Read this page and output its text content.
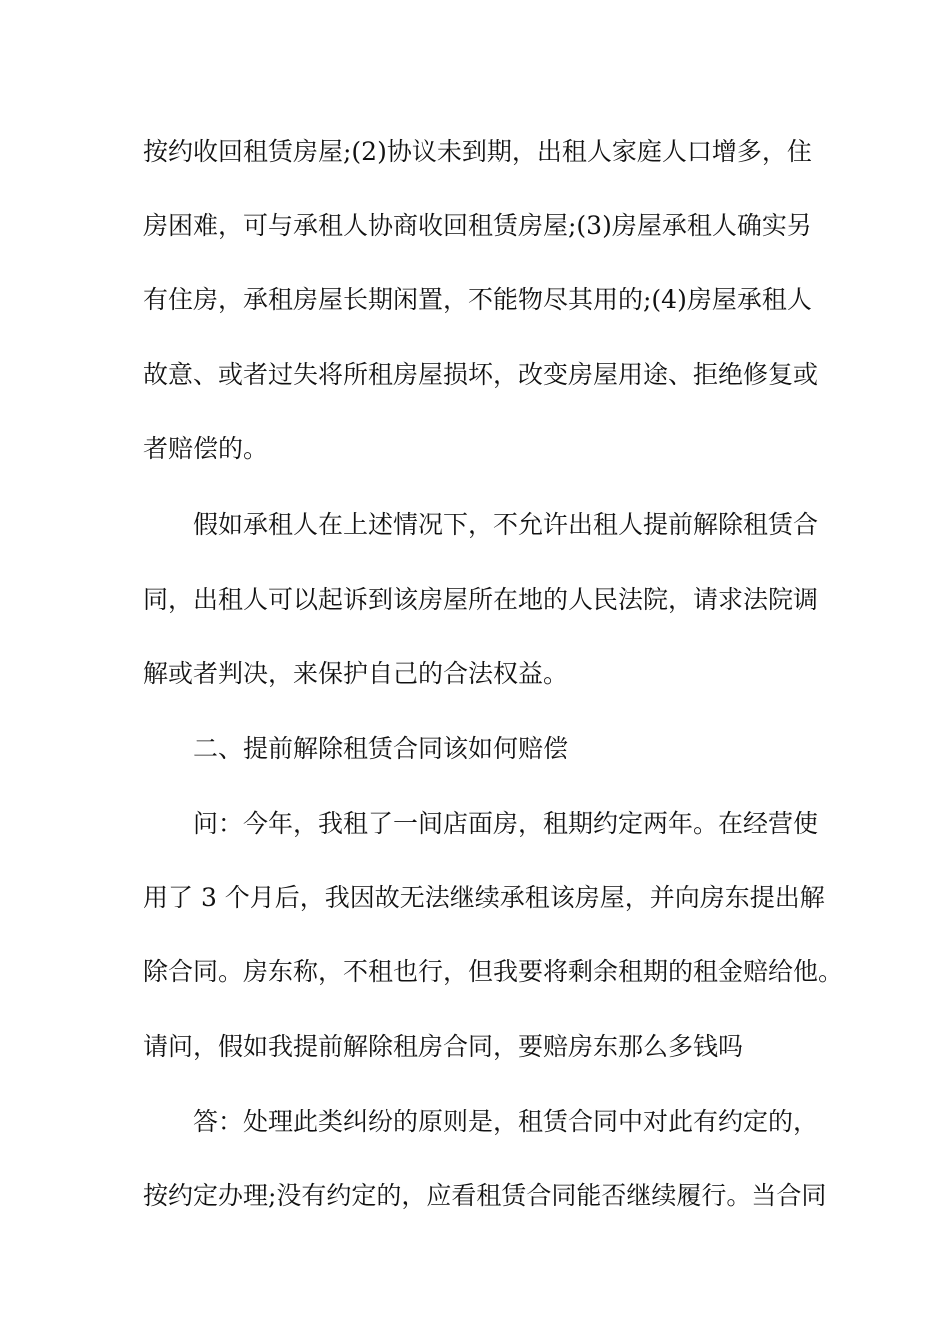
按约收回租赁房屋;(2)协议未到期，出租人家庭人口增多，住
房困难，可与承租人协商收回租赁房屋;(3)房屋承租人确实另
有住房，承租房屋长期闲置，不能物尽其用的;(4)房屋承租人
故意、或者过失将所租房屋损坏，改变房屋用途、拒绝修复或
者赔偿的。
假如承租人在上述情况下，不允许出租人提前解除租赁合
同，出租人可以起诉到该房屋所在地的人民法院，请求法院调
解或者判决，来保护自己的合法权益。
二、提前解除租赁合同该如何赔偿
问：今年，我租了一间店面房，租期约定两年。在经营使
用了 3 个月后，我因故无法继续承租该房屋，并向房东提出解
除合同。房东称，不租也行，但我要将剩余租期的租金赔给他。
请问，假如我提前解除租房合同，要赔房东那么多钱吗
答：处理此类纠纷的原则是，租赁合同中对此有约定的，
按约定办理;没有约定的，应看租赁合同能否继续履行。当合同
